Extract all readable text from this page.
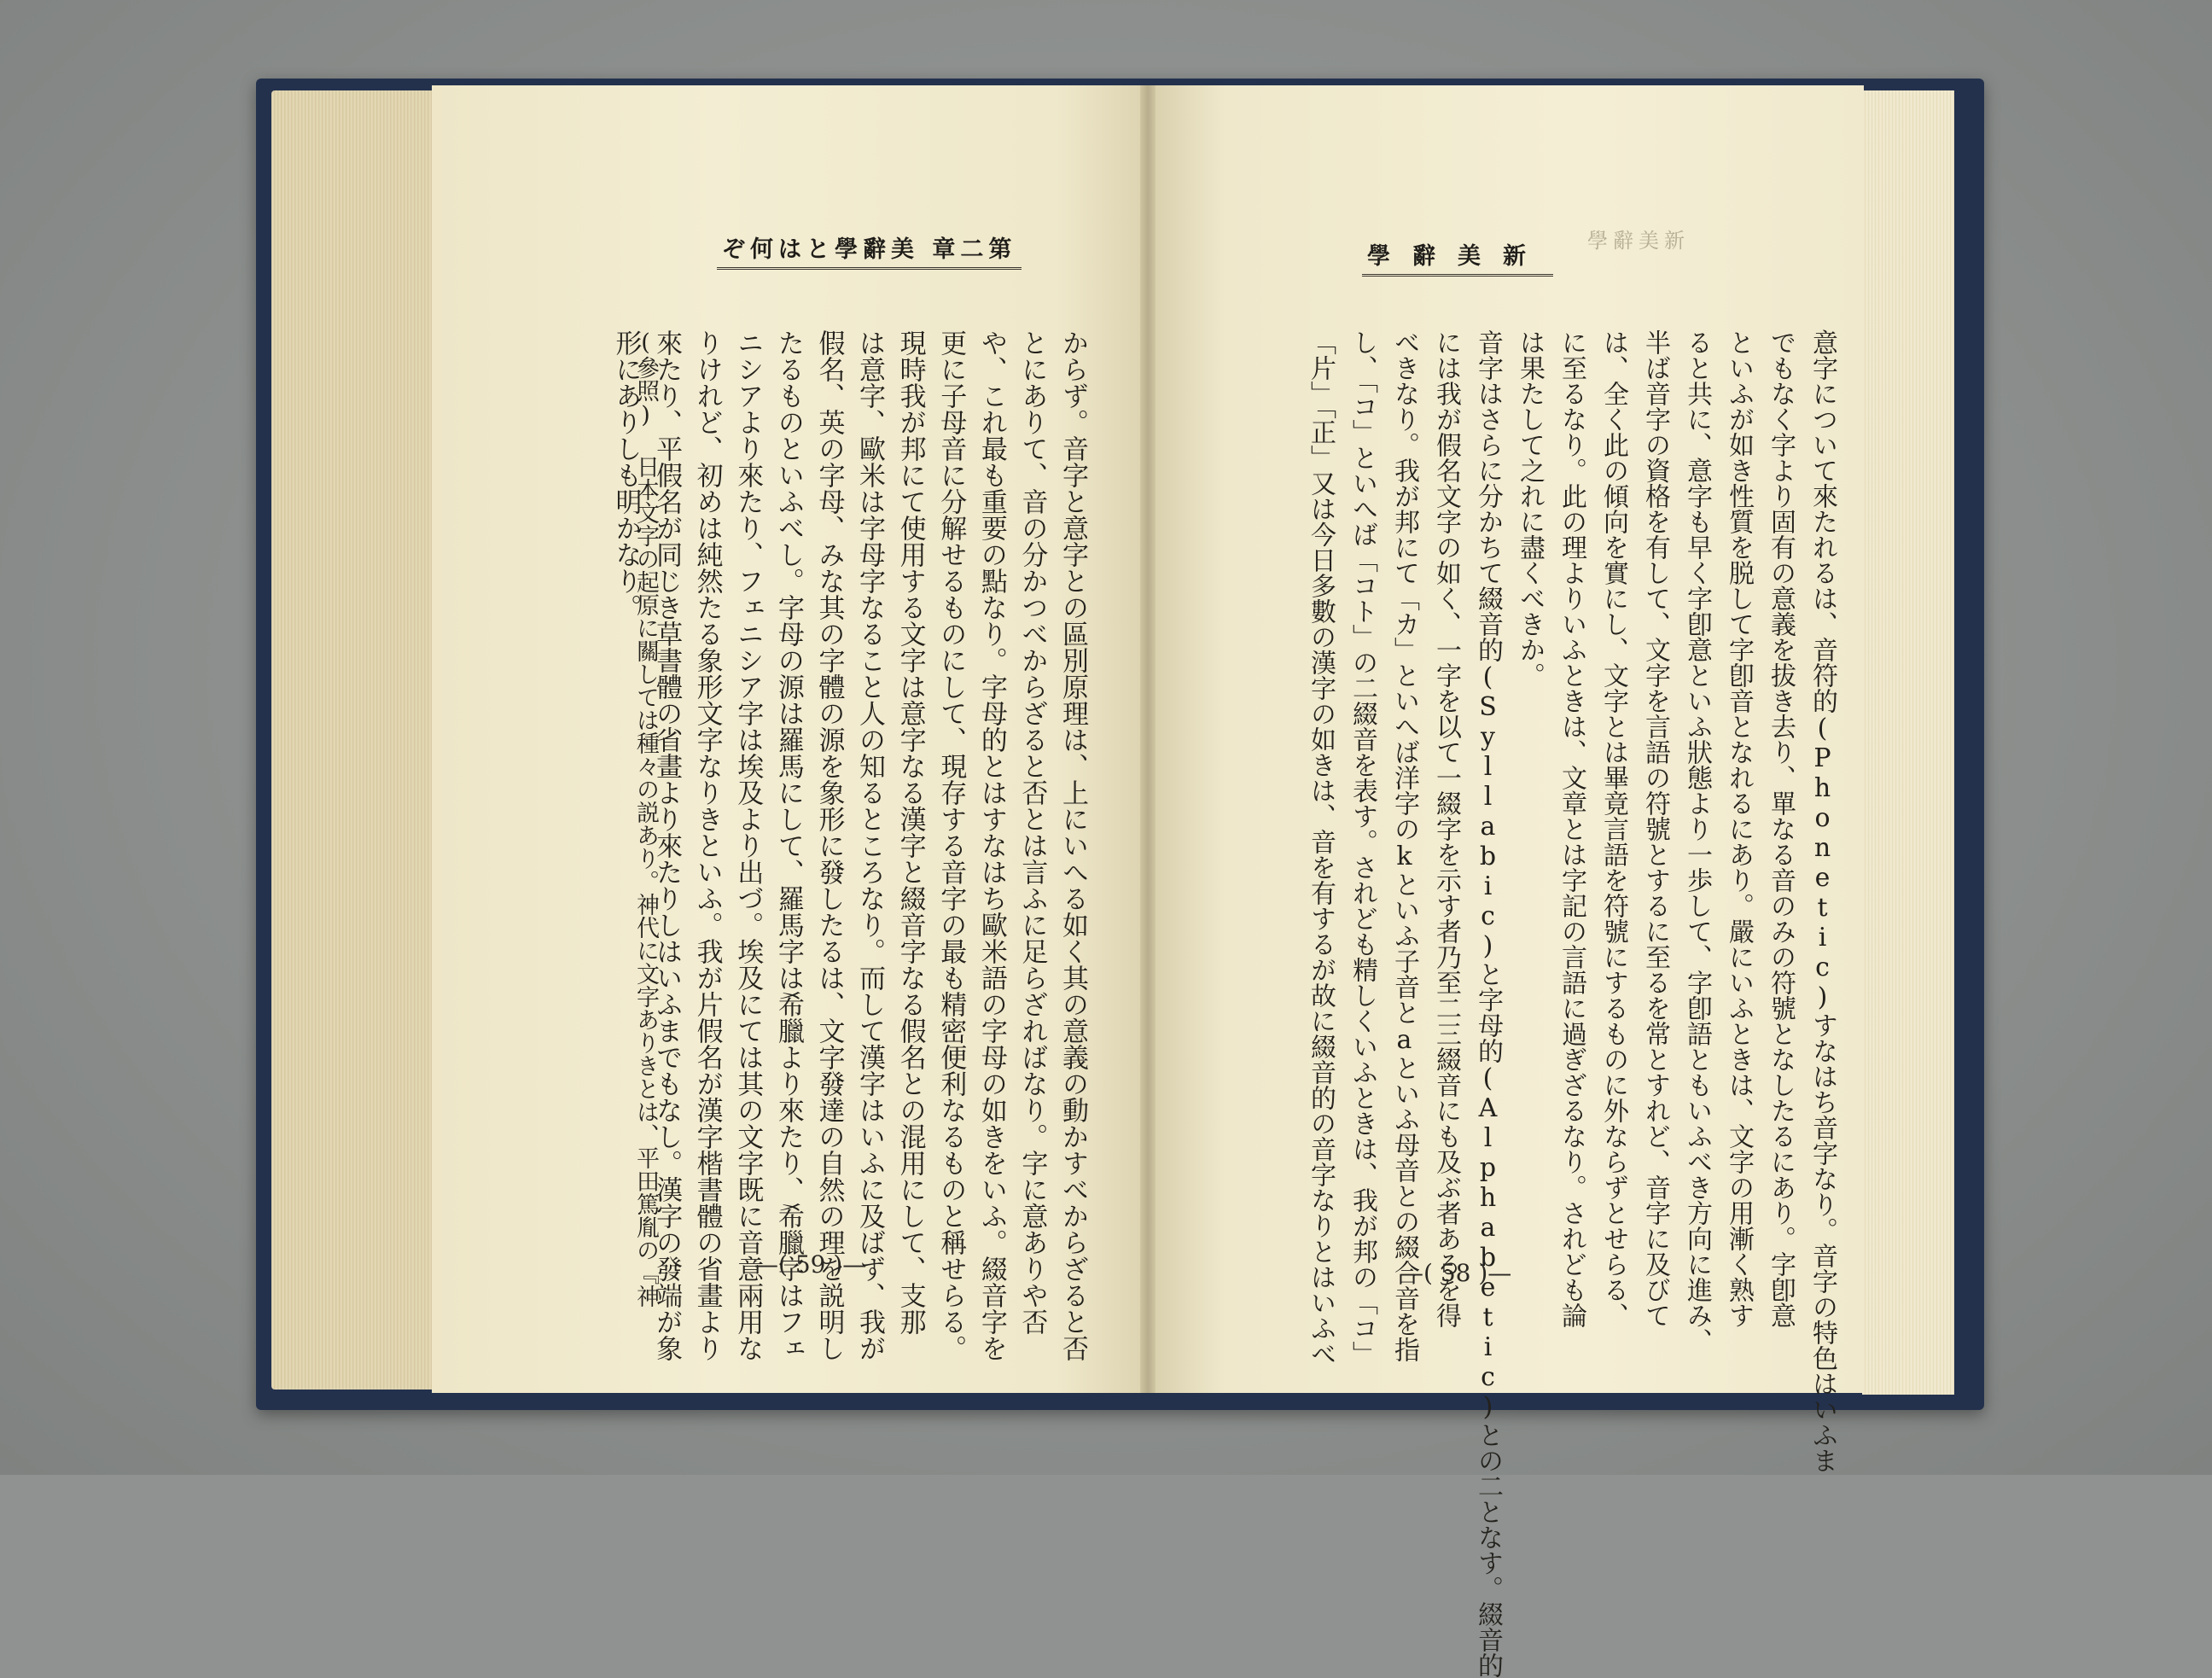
ぞ何はと學辭美 章二第	學辭美新
學辭美新
からず。音字と意字との區別原理は、上にいへる如く其の意義の動かすべからざると否
とにありて、音の分かつべからざると否とは言ふに足らざればなり。字に意ありや否
や、これ最も重要の點なり。字母的とはすなはち歐米語の字母の如きをいふ。綴音字を
更に子母音に分解せるものにして、現存する音字の最も精密便利なるものと稱せらる。
現時我が邦にて使用する文字は意字なる漢字と綴音字なる假名との混用にして、支那
は意字、歐米は字母字なること人の知るところなり。而して漢字はいふに及ばず、我が
假名、英の字母、みな其の字體の源を象形に發したるは、文字發達の自然の理を説明し
たるものといふべし。字母の源は羅馬にして、羅馬字は希臘より來たり、希臘字はフェ
ニシアより來たり、フェニシア字は埃及より出づ。埃及にては其の文字既に音意兩用な
りけれど、初めは純然たる象形文字なりきといふ。我が片假名が漢字楷書體の省畫より
來たり、平假名が同じき草書體の省畫より來たりしはいふまでもなし。漢字の發端が象
形にありしも明かなり。
(參照) 日本文字の起原に關しては種々の説あり。神代に文字ありきとは、平田篤胤の『神	意字について來たれるは、音符的(Phonetic)すなはち音字なり。音字の特色はいふま
でもなく字より固有の意義を拔き去り、單なる音のみの符號となしたるにあり。字卽意
といふが如き性質を脱して字卽音となれるにあり。嚴にいふときは、文字の用漸く熟す
ると共に、意字も早く字卽意といふ狀態より一歩して、字卽語ともいふべき方向に進み、
半ば音字の資格を有して、文字を言語の符號とするに至るを常とすれど、音字に及びて
は、全く此の傾向を實にし、文字とは畢竟言語を符號にするものに外ならずとせらる、
に至るなり。此の理よりいふときは、文章とは字記の言語に過ぎざるなり。されども論
は果たして之れに盡くべきか。
音字はさらに分かちて綴音的(Syllabic)と字母的(Alphabetic)との二となす。綴音的
には我が假名文字の如く、一字を以て一綴字を示す者乃至二三綴音にも及ぶ者あるを得
べきなり。我が邦にて「カ」といへば洋字のkといふ子音とaといふ母音との綴合音を指
し、「コ」といへば「コト」の二綴音を表す。されども精しくいふときは、我が邦の「コ」
「片」「正」又は今日多數の漢字の如きは、音を有するが故に綴音的の音字なりとはいふべ
—( 59 )—	—( 58 )—
